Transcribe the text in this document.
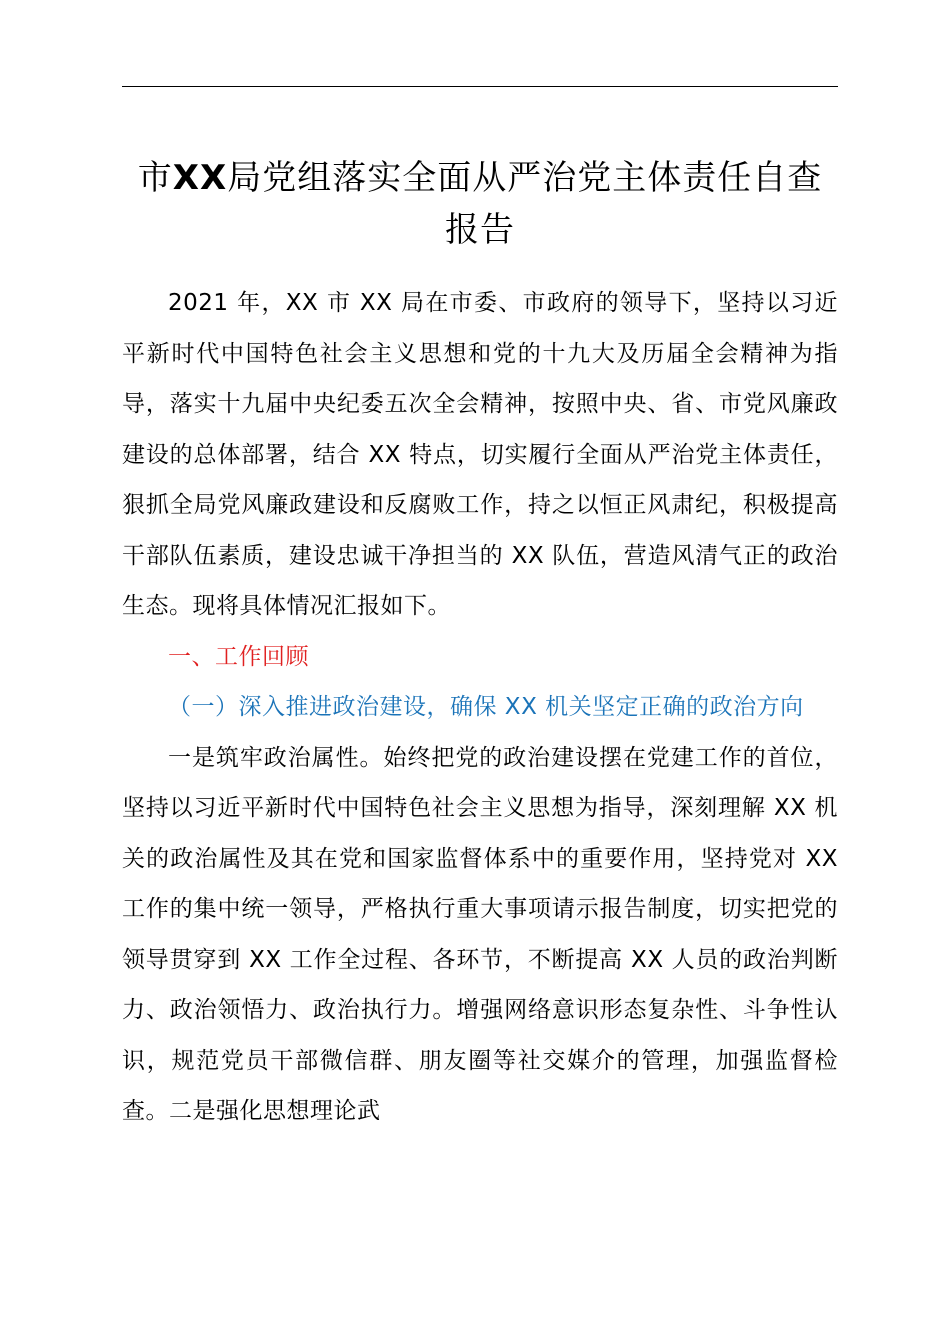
市XX局党组落实全面从严治党主体责任自查
报告

2021 年，XX 市 XX 局在市委、市政府的领导下，坚持以习近平新时代中国特色社会主义思想和党的十九大及历届全会精神为指导，落实十九届中央纪委五次全会精神，按照中央、省、市党风廉政建设的总体部署，结合 XX 特点，切实履行全面从严治党主体责任，狠抓全局党风廉政建设和反腐败工作，持之以恒正风肃纪，积极提高干部队伍素质，建设忠诚干净担当的 XX 队伍，营造风清气正的政治生态。现将具体情况汇报如下。

一、工作回顾

（一）深入推进政治建设，确保 XX 机关坚定正确的政治方向

一是筑牢政治属性。始终把党的政治建设摆在党建工作的首位，坚持以习近平新时代中国特色社会主义思想为指导，深刻理解 XX 机关的政治属性及其在党和国家监督体系中的重要作用，坚持党对 XX 工作的集中统一领导，严格执行重大事项请示报告制度，切实把党的领导贯穿到 XX 工作全过程、各环节，不断提高 XX 人员的政治判断力、政治领悟力、政治执行力。增强网络意识形态复杂性、斗争性认识，规范党员干部微信群、朋友圈等社交媒介的管理，加强监督检查。二是强化思想理论武
